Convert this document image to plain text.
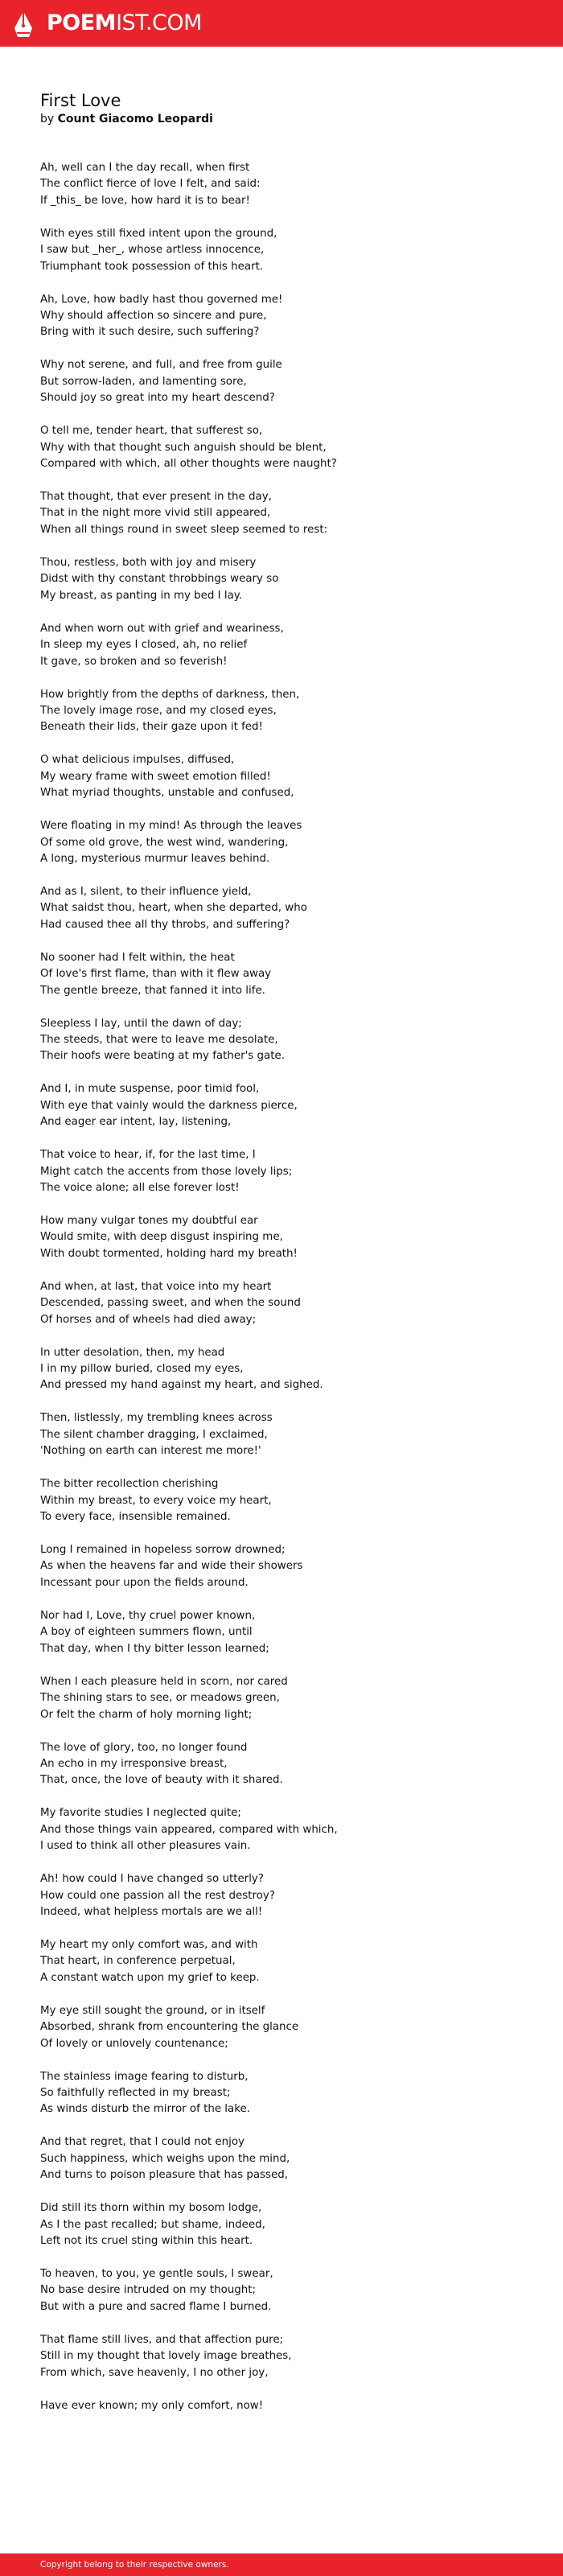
POEMIST.COM
First Love
by Count Giacomo Leopardi

Ah, well can I the day recall, when first
The conflict fierce of love I felt, and said:
If _this_ be love, how hard it is to bear!

With eyes still fixed intent upon the ground,
I saw but _her_, whose artless innocence,
Triumphant took possession of this heart.

Ah, Love, how badly hast thou governed me!
Why should affection so sincere and pure,
Bring with it such desire, such suffering?

Why not serene, and full, and free from guile
But sorrow-laden, and lamenting sore,
Should joy so great into my heart descend?

O tell me, tender heart, that sufferest so,
Why with that thought such anguish should be blent,
Compared with which, all other thoughts were naught?

That thought, that ever present in the day,
That in the night more vivid still appeared,
When all things round in sweet sleep seemed to rest:

Thou, restless, both with joy and misery
Didst with thy constant throbbings weary so
My breast, as panting in my bed I lay.

And when worn out with grief and weariness,
In sleep my eyes I closed, ah, no relief
It gave, so broken and so feverish!

How brightly from the depths of darkness, then,
The lovely image rose, and my closed eyes,
Beneath their lids, their gaze upon it fed!

O what delicious impulses, diffused,
My weary frame with sweet emotion filled!
What myriad thoughts, unstable and confused,

Were floating in my mind! As through the leaves
Of some old grove, the west wind, wandering,
A long, mysterious murmur leaves behind.

And as I, silent, to their influence yield,
What saidst thou, heart, when she departed, who
Had caused thee all thy throbs, and suffering?

No sooner had I felt within, the heat
Of love's first flame, than with it flew away
The gentle breeze, that fanned it into life.

Sleepless I lay, until the dawn of day;
The steeds, that were to leave me desolate,
Their hoofs were beating at my father's gate.

And I, in mute suspense, poor timid fool,
With eye that vainly would the darkness pierce,
And eager ear intent, lay, listening,

That voice to hear, if, for the last time, I
Might catch the accents from those lovely lips;
The voice alone; all else forever lost!

How many vulgar tones my doubtful ear
Would smite, with deep disgust inspiring me,
With doubt tormented, holding hard my breath!

And when, at last, that voice into my heart
Descended, passing sweet, and when the sound
Of horses and of wheels had died away;

In utter desolation, then, my head
I in my pillow buried, closed my eyes,
And pressed my hand against my heart, and sighed.

Then, listlessly, my trembling knees across
The silent chamber dragging, I exclaimed,
'Nothing on earth can interest me more!'

The bitter recollection cherishing
Within my breast, to every voice my heart,
To every face, insensible remained.

Long I remained in hopeless sorrow drowned;
As when the heavens far and wide their showers
Incessant pour upon the fields around.

Nor had I, Love, thy cruel power known,
A boy of eighteen summers flown, until
That day, when I thy bitter lesson learned;

When I each pleasure held in scorn, nor cared
The shining stars to see, or meadows green,
Or felt the charm of holy morning light;

The love of glory, too, no longer found
An echo in my irresponsive breast,
That, once, the love of beauty with it shared.

My favorite studies I neglected quite;
And those things vain appeared, compared with which,
I used to think all other pleasures vain.

Ah! how could I have changed so utterly?
How could one passion all the rest destroy?
Indeed, what helpless mortals are we all!

My heart my only comfort was, and with
That heart, in conference perpetual,
A constant watch upon my grief to keep.

My eye still sought the ground, or in itself
Absorbed, shrank from encountering the glance
Of lovely or unlovely countenance;

The stainless image fearing to disturb,
So faithfully reflected in my breast;
As winds disturb the mirror of the lake.

And that regret, that I could not enjoy
Such happiness, which weighs upon the mind,
And turns to poison pleasure that has passed,

Did still its thorn within my bosom lodge,
As I the past recalled; but shame, indeed,
Left not its cruel sting within this heart.

To heaven, to you, ye gentle souls, I swear,
No base desire intruded on my thought;
But with a pure and sacred flame I burned.

That flame still lives, and that affection pure;
Still in my thought that lovely image breathes,
From which, save heavenly, I no other joy,

Have ever known; my only comfort, now!

Copyright belong to their respective owners.
